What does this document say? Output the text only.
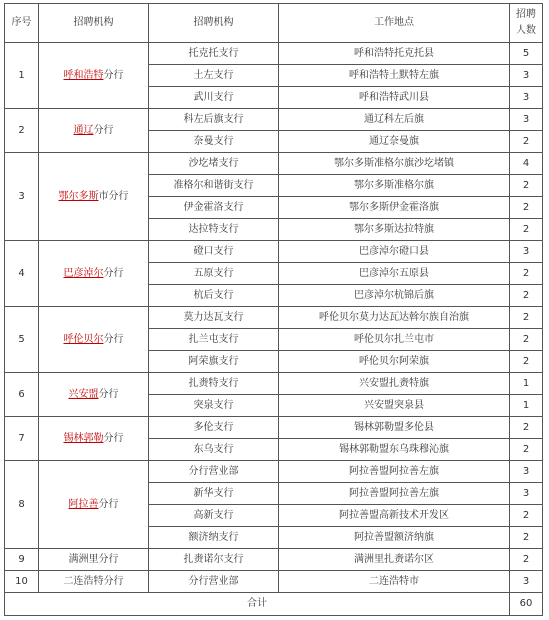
序号	招聘机构	招聘机构	工作地点	招聘
人数
1	呼和浩特分行	托克托支行	呼和浩特托克托县	5
		土左支行	呼和浩特土默特左旗	3
		武川支行	呼和浩特武川县	3
2	通辽分行	科左后旗支行	通辽科左后旗	3
		奈曼支行	通辽奈曼旗	2
3	鄂尔多斯市分行	沙圪堵支行	鄂尔多斯准格尔旗沙圪堵镇	4
		准格尔和谐街支行	鄂尔多斯准格尔旗	2
		伊金霍洛支行	鄂尔多斯伊金霍洛旗	2
		达拉特支行	鄂尔多斯达拉特旗	2
4	巴彦淖尔分行	磴口支行	巴彦淖尔磴口县	3
		五原支行	巴彦淖尔五原县	2
		杭后支行	巴彦淖尔杭锦后旗	2
5	呼伦贝尔分行	莫力达瓦支行	呼伦贝尔莫力达瓦达斡尔族自治旗	2
		扎兰屯支行	呼伦贝尔扎兰屯市	2
		阿荣旗支行	呼伦贝尔阿荣旗	2
6	兴安盟分行	扎赉特支行	兴安盟扎赉特旗	1
		突泉支行	兴安盟突泉县	1
7	锡林郭勒分行	多伦支行	锡林郭勒盟多伦县	2
		东乌支行	锡林郭勒盟东乌珠穆沁旗	2
8	阿拉善分行	分行营业部	阿拉善盟阿拉善左旗	3
		新华支行	阿拉善盟阿拉善左旗	3
		高新支行	阿拉善盟高新技术开发区	2
		额济纳支行	阿拉善盟额济纳旗	2
9	满洲里分行	扎赉诺尔支行	满洲里扎赉诺尔区	2
10	二连浩特分行	分行营业部	二连浩特市	3
合计				60
